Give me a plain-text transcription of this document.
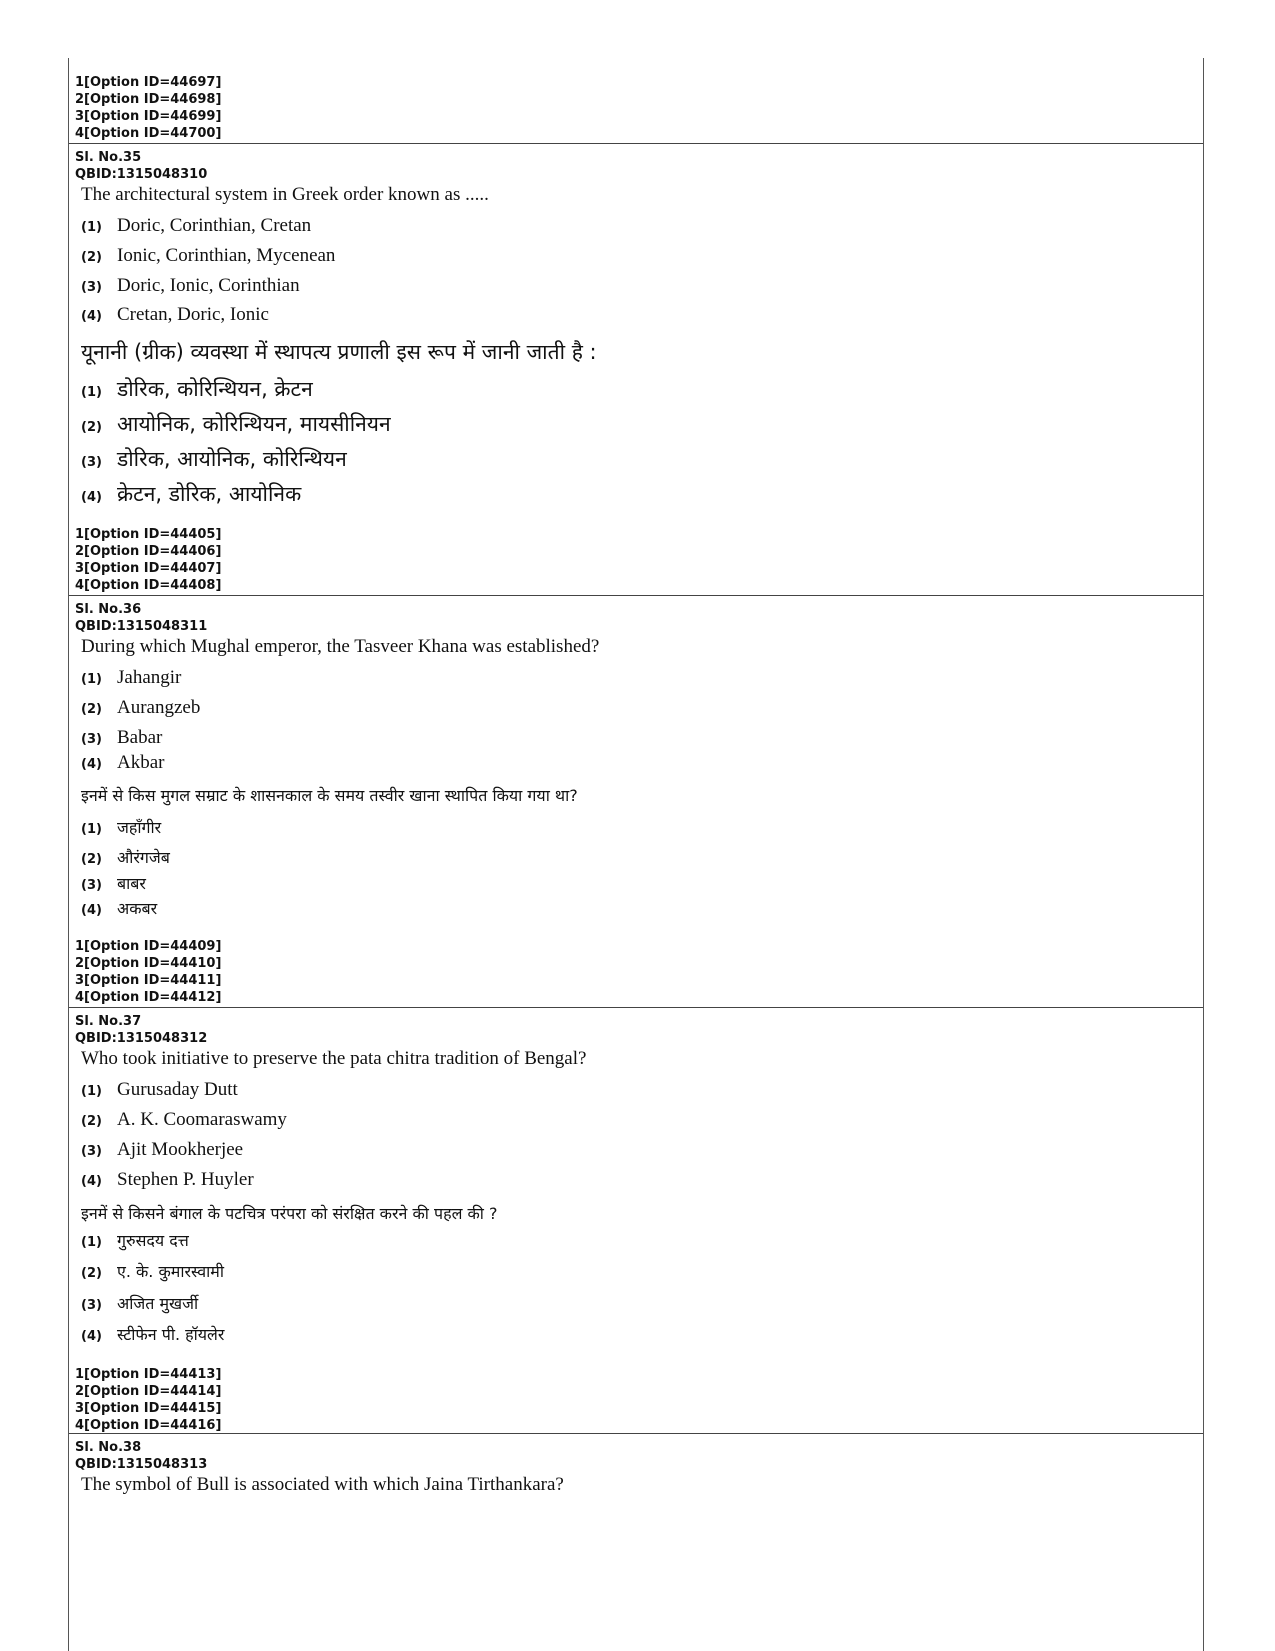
1[Option ID=44697]
2[Option ID=44698]
3[Option ID=44699]
4[Option ID=44700]
Sl. No.35
QBID:1315048310
The architectural system in Greek order known as .....
(1) Doric, Corinthian, Cretan
(2) Ionic, Corinthian, Mycenean
(3) Doric, Ionic, Corinthian
(4) Cretan, Doric, Ionic
यूनानी (ग्रीक) व्यवस्था में स्थापत्य प्रणाली इस रूप में जानी जाती है :
(1) डोरिक, कोरिन्थियन, क्रेटन
(2) आयोनिक, कोरिन्थियन, मायसीनियन
(3) डोरिक, आयोनिक, कोरिन्थियन
(4) क्रेटन, डोरिक, आयोनिक
1[Option ID=44405]
2[Option ID=44406]
3[Option ID=44407]
4[Option ID=44408]
Sl. No.36
QBID:1315048311
During which Mughal emperor, the Tasveer Khana was established?
(1) Jahangir
(2) Aurangzeb
(3) Babar
(4) Akbar
इनमें से किस मुगल सम्राट के शासनकाल के समय तस्वीर खाना स्थापित किया गया था?
(1) जहाँगीर
(2) औरंगजेब
(3) बाबर
(4) अकबर
1[Option ID=44409]
2[Option ID=44410]
3[Option ID=44411]
4[Option ID=44412]
Sl. No.37
QBID:1315048312
Who took initiative to preserve the pata chitra tradition of Bengal?
(1) Gurusaday Dutt
(2) A. K. Coomaraswamy
(3) Ajit Mookherjee
(4) Stephen P. Huyler
इनमें से किसने बंगाल के पटचित्र परंपरा को संरक्षित करने की पहल की ?
(1) गुरुसदय दत्त
(2) ए. के. कुमारस्वामी
(3) अजित मुखर्जी
(4) स्टीफेन पी. हॉयलेर
1[Option ID=44413]
2[Option ID=44414]
3[Option ID=44415]
4[Option ID=44416]
Sl. No.38
QBID:1315048313
The symbol of Bull is associated with which Jaina Tirthankara?
